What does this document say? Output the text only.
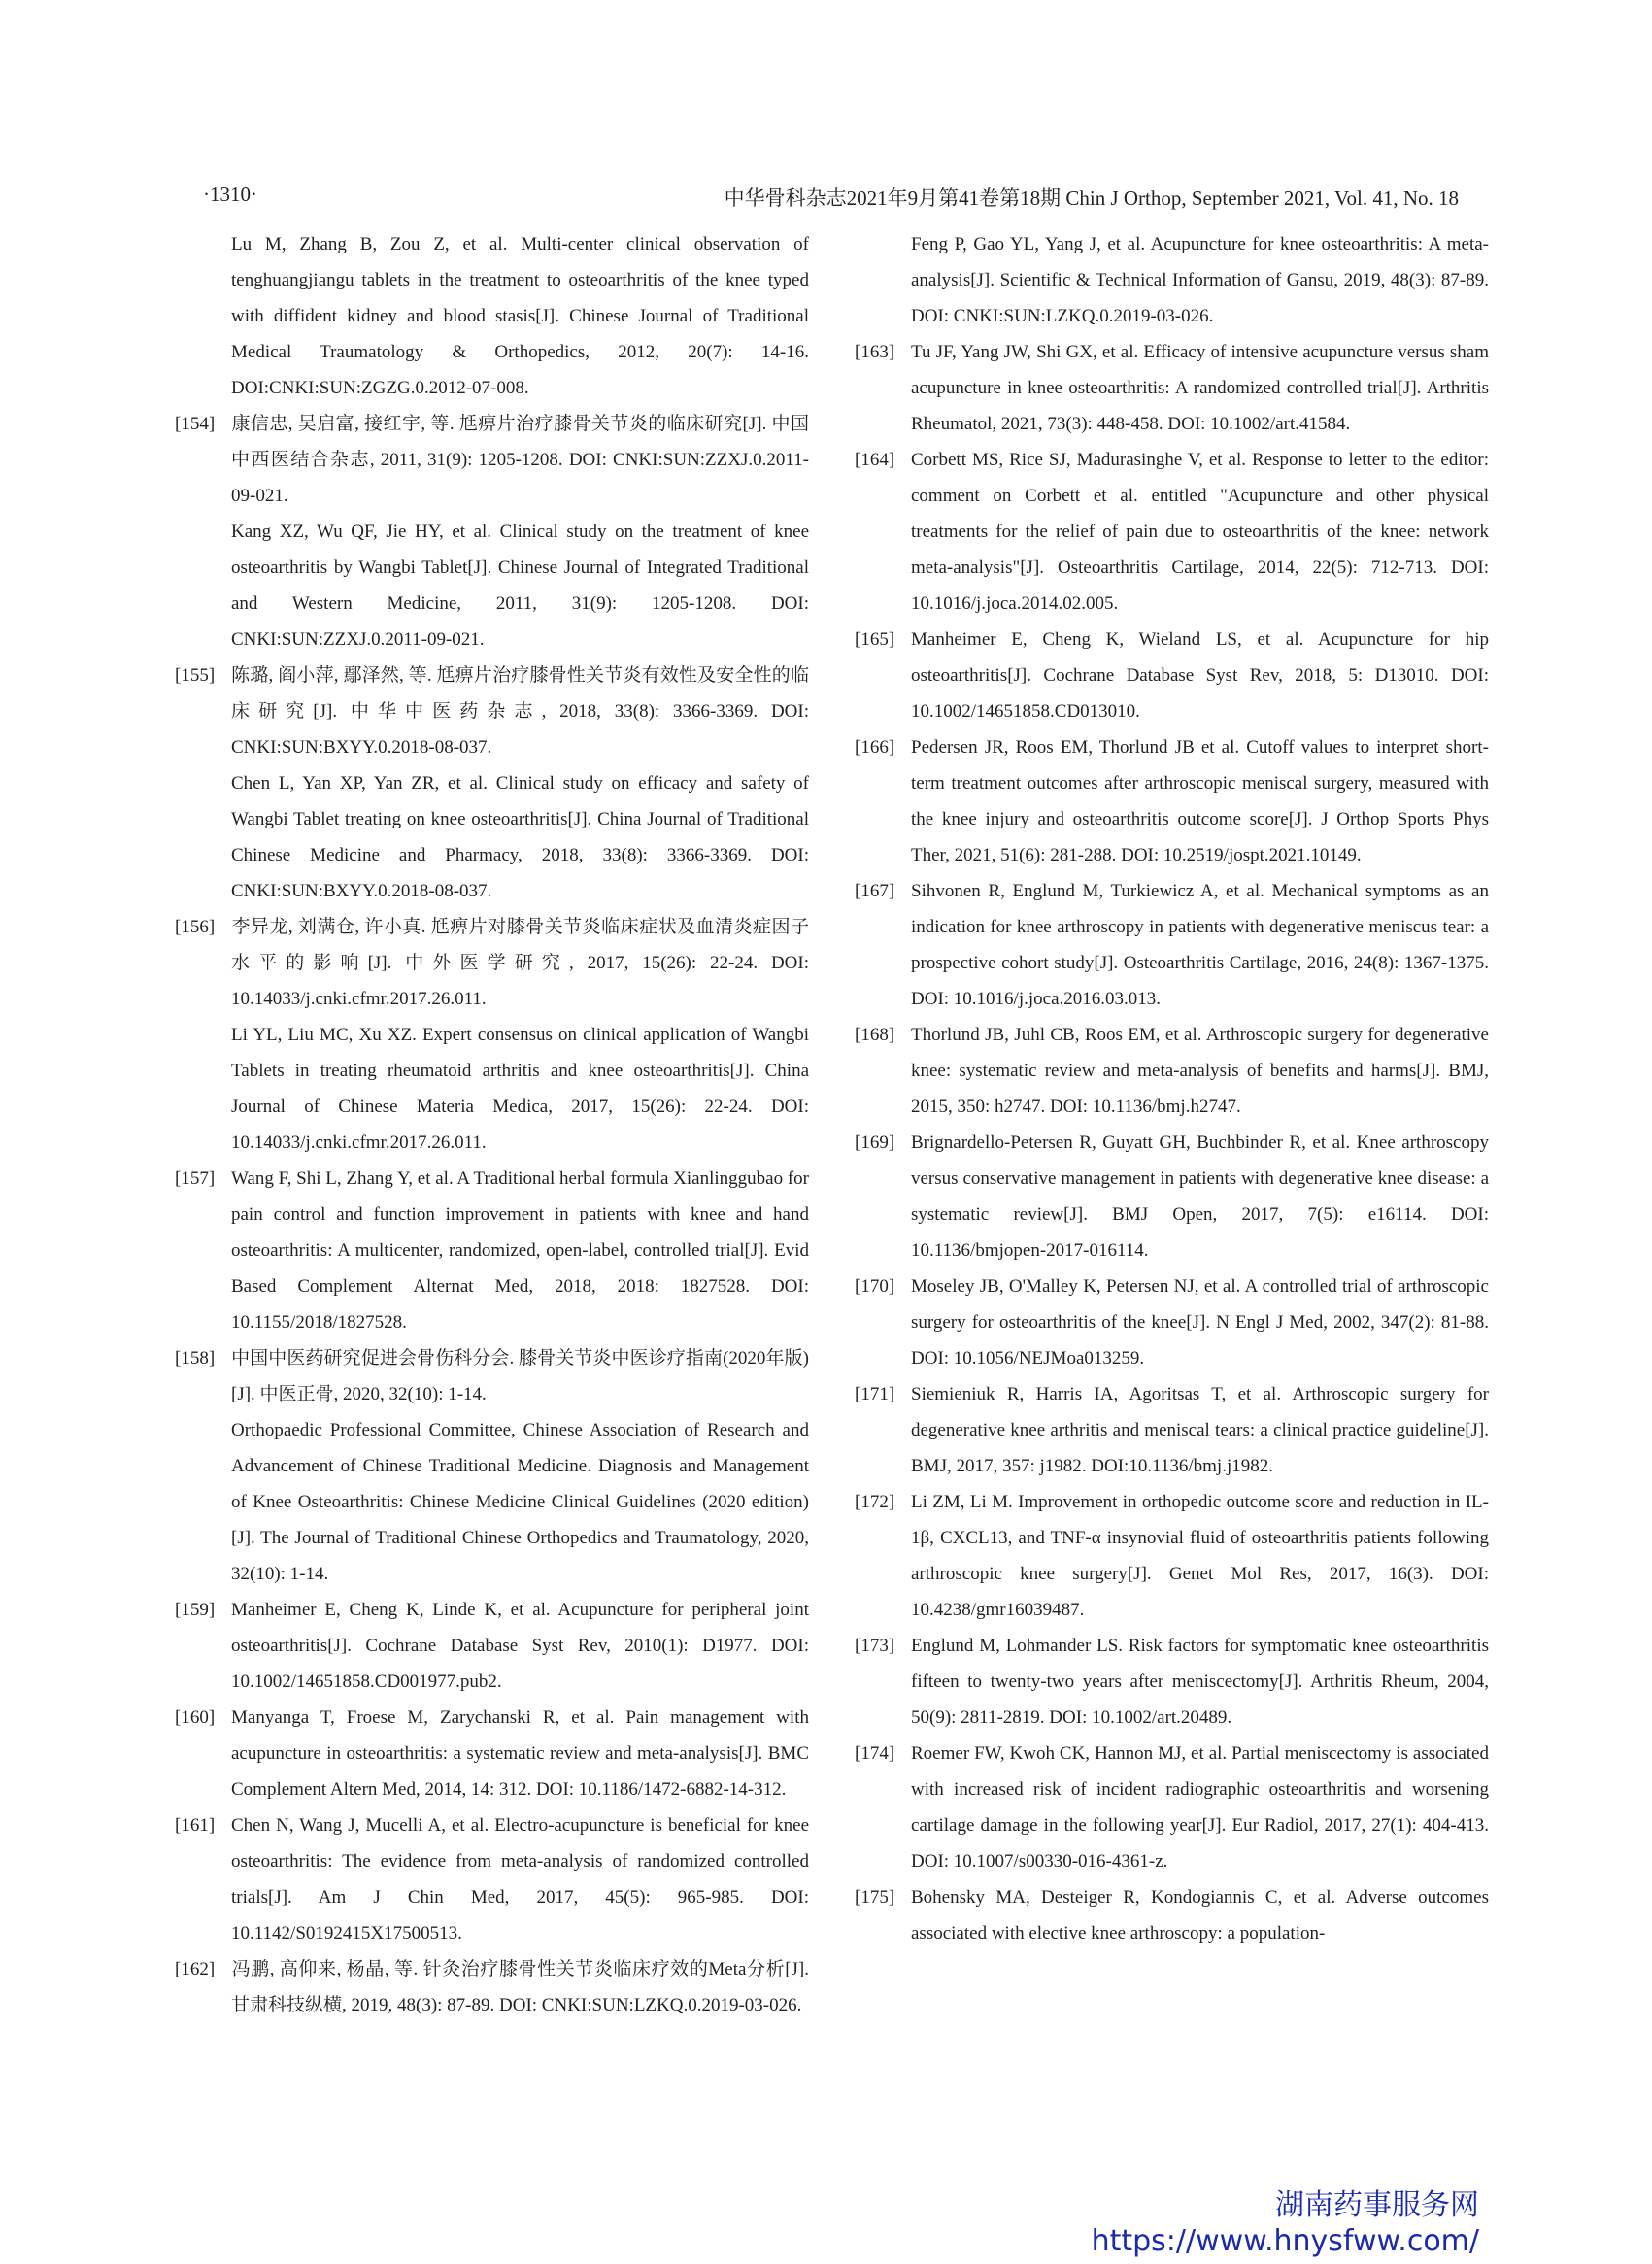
·1310·	中华骨科杂志2021年9月第41卷第18期 Chin J Orthop, September 2021, Vol. 41, No. 18
Lu M, Zhang B, Zou Z, et al. Multi-center clinical observation of tenghuangjiangu tablets in the treatment to osteoarthritis of the knee typed with diffident kidney and blood stasis[J]. Chinese Journal of Traditional Medical Traumatology & Orthopedics, 2012, 20(7): 14-16. DOI:CNKI:SUN:ZGZG.0.2012-07-008.
[154] 康信忠, 吴启富, 接红宇, 等. 尪痹片治疗膝骨关节炎的临床研究[J]. 中国中西医结合杂志, 2011, 31(9): 1205-1208. DOI: CNKI:SUN:ZZXJ.0.2011-09-021.
Kang XZ, Wu QF, Jie HY, et al. Clinical study on the treatment of knee osteoarthritis by Wangbi Tablet[J]. Chinese Journal of Integrated Traditional and Western Medicine, 2011, 31(9): 1205-1208. DOI: CNKI:SUN:ZZXJ.0.2011-09-021.
[155] 陈璐, 阎小萍, 鄢泽然, 等. 尪痹片治疗膝骨性关节炎有效性及安全性的临床研究[J]. 中华中医药杂志, 2018, 33(8): 3366-3369. DOI: CNKI:SUN:BXYY.0.2018-08-037.
Chen L, Yan XP, Yan ZR, et al. Clinical study on efficacy and safety of Wangbi Tablet treating on knee osteoarthritis[J]. China Journal of Traditional Chinese Medicine and Pharmacy, 2018, 33(8): 3366-3369. DOI: CNKI:SUN:BXYY.0.2018-08-037.
[156] 李异龙, 刘满仓, 许小真. 尪痹片对膝骨关节炎临床症状及血清炎症因子水平的影响[J]. 中外医学研究, 2017, 15(26): 22-24. DOI: 10.14033/j.cnki.cfmr.2017.26.011.
Li YL, Liu MC, Xu XZ. Expert consensus on clinical application of Wangbi Tablets in treating rheumatoid arthritis and knee osteoarthritis[J]. China Journal of Chinese Materia Medica, 2017, 15(26): 22-24. DOI: 10.14033/j.cnki.cfmr.2017.26.011.
[157] Wang F, Shi L, Zhang Y, et al. A Traditional herbal formula Xianlinggubao for pain control and function improvement in patients with knee and hand osteoarthritis: A multicenter, randomized, open-label, controlled trial[J]. Evid Based Complement Alternat Med, 2018, 2018: 1827528. DOI: 10.1155/2018/1827528.
[158] 中国中医药研究促进会骨伤科分会. 膝骨关节炎中医诊疗指南(2020年版)[J]. 中医正骨, 2020, 32(10): 1-14.
Orthopaedic Professional Committee, Chinese Association of Research and Advancement of Chinese Traditional Medicine. Diagnosis and Management of Knee Osteoarthritis: Chinese Medicine Clinical Guidelines (2020 edition)[J]. The Journal of Traditional Chinese Orthopedics and Traumatology, 2020, 32(10): 1-14.
[159] Manheimer E, Cheng K, Linde K, et al. Acupuncture for peripheral joint osteoarthritis[J]. Cochrane Database Syst Rev, 2010(1): D1977. DOI: 10.1002/14651858.CD001977.pub2.
[160] Manyanga T, Froese M, Zarychanski R, et al. Pain management with acupuncture in osteoarthritis: a systematic review and meta-analysis[J]. BMC Complement Altern Med, 2014, 14: 312. DOI: 10.1186/1472-6882-14-312.
[161] Chen N, Wang J, Mucelli A, et al. Electro-acupuncture is beneficial for knee osteoarthritis: The evidence from meta-analysis of randomized controlled trials[J]. Am J Chin Med, 2017, 45(5): 965-985. DOI: 10.1142/S0192415X17500513.
[162] 冯鹏, 高仰来, 杨晶, 等. 针灸治疗膝骨性关节炎临床疗效的Meta分析[J]. 甘肃科技纵横, 2019, 48(3): 87-89. DOI: CNKI:SUN:LZKQ.0.2019-03-026.
Feng P, Gao YL, Yang J, et al. Acupuncture for knee osteoarthritis: A meta-analysis[J]. Scientific & Technical Information of Gansu, 2019, 48(3): 87-89. DOI: CNKI:SUN:LZKQ.0.2019-03-026.
[163] Tu JF, Yang JW, Shi GX, et al. Efficacy of intensive acupuncture versus sham acupuncture in knee osteoarthritis: A randomized controlled trial[J]. Arthritis Rheumatol, 2021, 73(3): 448-458. DOI: 10.1002/art.41584.
[164] Corbett MS, Rice SJ, Madurasinghe V, et al. Response to letter to the editor: comment on Corbett et al. entitled "Acupuncture and other physical treatments for the relief of pain due to osteoarthritis of the knee: network meta-analysis"[J]. Osteoarthritis Cartilage, 2014, 22(5): 712-713. DOI: 10.1016/j.joca.2014.02.005.
[165] Manheimer E, Cheng K, Wieland LS, et al. Acupuncture for hip osteoarthritis[J]. Cochrane Database Syst Rev, 2018, 5: D13010. DOI: 10.1002/14651858.CD013010.
[166] Pedersen JR, Roos EM, Thorlund JB et al. Cutoff values to interpret short-term treatment outcomes after arthroscopic meniscal surgery, measured with the knee injury and osteoarthritis outcome score[J]. J Orthop Sports Phys Ther, 2021, 51(6): 281-288. DOI: 10.2519/jospt.2021.10149.
[167] Sihvonen R, Englund M, Turkiewicz A, et al. Mechanical symptoms as an indication for knee arthroscopy in patients with degenerative meniscus tear: a prospective cohort study[J]. Osteoarthritis Cartilage, 2016, 24(8): 1367-1375. DOI: 10.1016/j.joca.2016.03.013.
[168] Thorlund JB, Juhl CB, Roos EM, et al. Arthroscopic surgery for degenerative knee: systematic review and meta-analysis of benefits and harms[J]. BMJ, 2015, 350: h2747. DOI: 10.1136/bmj.h2747.
[169] Brignardello-Petersen R, Guyatt GH, Buchbinder R, et al. Knee arthroscopy versus conservative management in patients with degenerative knee disease: a systematic review[J]. BMJ Open, 2017, 7(5): e16114. DOI: 10.1136/bmjopen-2017-016114.
[170] Moseley JB, O'Malley K, Petersen NJ, et al. A controlled trial of arthroscopic surgery for osteoarthritis of the knee[J]. N Engl J Med, 2002, 347(2): 81-88. DOI: 10.1056/NEJMoa013259.
[171] Siemieniuk R, Harris IA, Agoritsas T, et al. Arthroscopic surgery for degenerative knee arthritis and meniscal tears: a clinical practice guideline[J]. BMJ, 2017, 357: j1982. DOI:10.1136/bmj.j1982.
[172] Li ZM, Li M. Improvement in orthopedic outcome score and reduction in IL-1β, CXCL13, and TNF-α insynovial fluid of osteoarthritis patients following arthroscopic knee surgery[J]. Genet Mol Res, 2017, 16(3). DOI: 10.4238/gmr16039487.
[173] Englund M, Lohmander LS. Risk factors for symptomatic knee osteoarthritis fifteen to twenty-two years after meniscectomy[J]. Arthritis Rheum, 2004, 50(9): 2811-2819. DOI: 10.1002/art.20489.
[174] Roemer FW, Kwoh CK, Hannon MJ, et al. Partial meniscectomy is associated with increased risk of incident radiographic osteoarthritis and worsening cartilage damage in the following year[J]. Eur Radiol, 2017, 27(1): 404-413. DOI: 10.1007/s00330-016-4361-z.
[175] Bohensky MA, Desteiger R, Kondogiannis C, et al. Adverse outcomes associated with elective knee arthroscopy: a population-
湖南药事服务网
https://www.hnysfww.com/
